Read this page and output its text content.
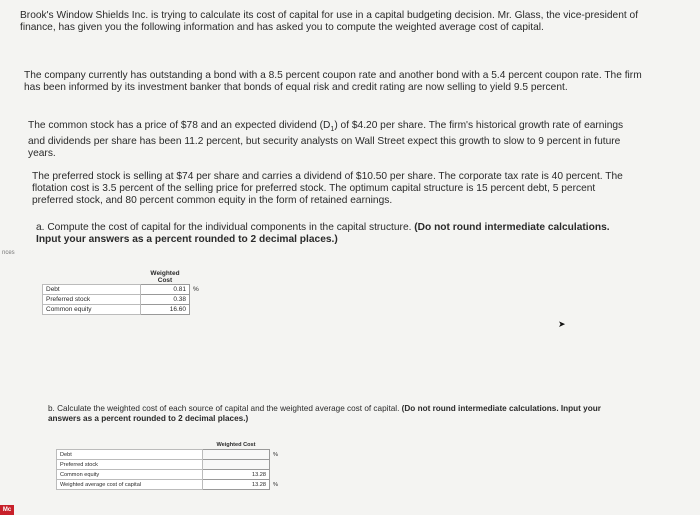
Brook's Window Shields Inc. is trying to calculate its cost of capital for use in a capital budgeting decision. Mr. Glass, the vice-president of finance, has given you the following information and has asked you to compute the weighted average cost of capital.

The company currently has outstanding a bond with a 8.5 percent coupon rate and another bond with a 5.4 percent coupon rate. The firm has been informed by its investment banker that bonds of equal risk and credit rating are now selling to yield 9.5 percent.

The common stock has a price of $78 and an expected dividend $(D_1)$ of $4.20 per share. The firm's historical growth rate of earnings and dividends per share has been 11.2 percent, but security analysts on Wall Street expect this growth to slow to 9 percent in future years.

The preferred stock is selling at $74 per share and carries a dividend of $10.50 per share. The corporate tax rate is 40 percent. The flotation cost is 3.5 percent of the selling price for preferred stock. The optimum capital structure is 15 percent debt, 5 percent preferred stock, and 80 percent common equity in the form of retained earnings.

a. Compute the cost of capital for the individual components in the capital structure. (Do not round intermediate calculations. Input your answers as a percent rounded to 2 decimal places.)

nces
	Weighted Cost	
Debt	0.81	%
Preferred stock	0.38	
Common equity	16.60	
➤

b. Calculate the weighted cost of each source of capital and the weighted average cost of capital. (Do not round intermediate calculations. Input your answers as a percent rounded to 2 decimal places.)

	Weighted Cost	
Debt		%
Preferred stock		
Common equity	13.28	
Weighted average cost of capital	13.28	%
Mc
